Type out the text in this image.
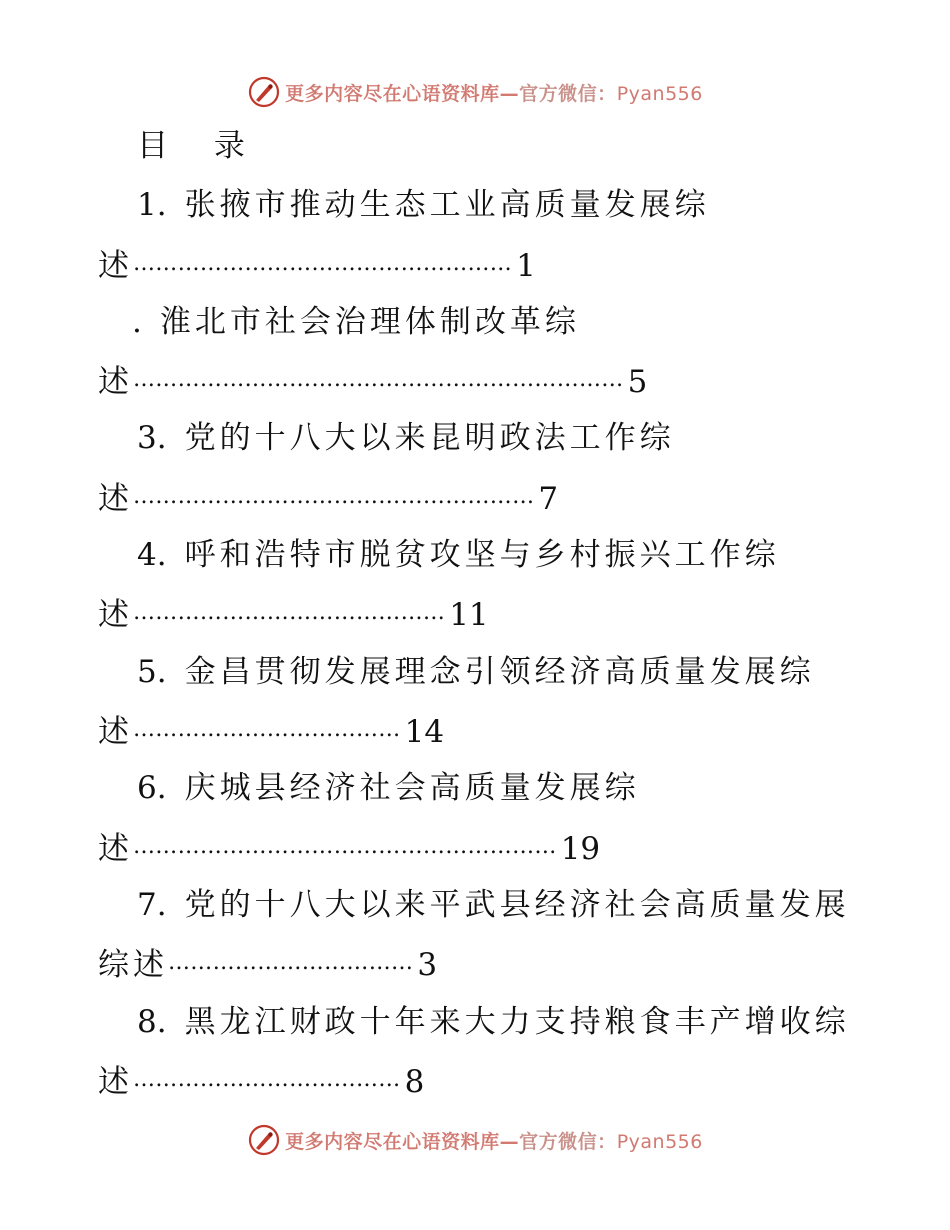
更多内容尽在心语资料库—官方微信：Pyan556
目 录
1. 张掖市推动生态工业高质量发展综
述…………………………………………… 1
. 淮北市社会治理体制改革综
述………………………………………………………… 5
3. 党的十八大以来昆明政法工作综
述……………………………………………… 7
4. 呼和浩特市脱贫攻坚与乡村振兴工作综
述…………………………………… 11
5. 金昌贯彻发展理念引领经济高质量发展综
述……………………………… 14
6. 庆城县经济社会高质量发展综
述………………………………………………… 19
7. 党的十八大以来平武县经济社会高质量发展
综述…………………………… 3
8. 黑龙江财政十年来大力支持粮食丰产增收综
述……………………………… 8
更多内容尽在心语资料库—官方微信：Pyan556
